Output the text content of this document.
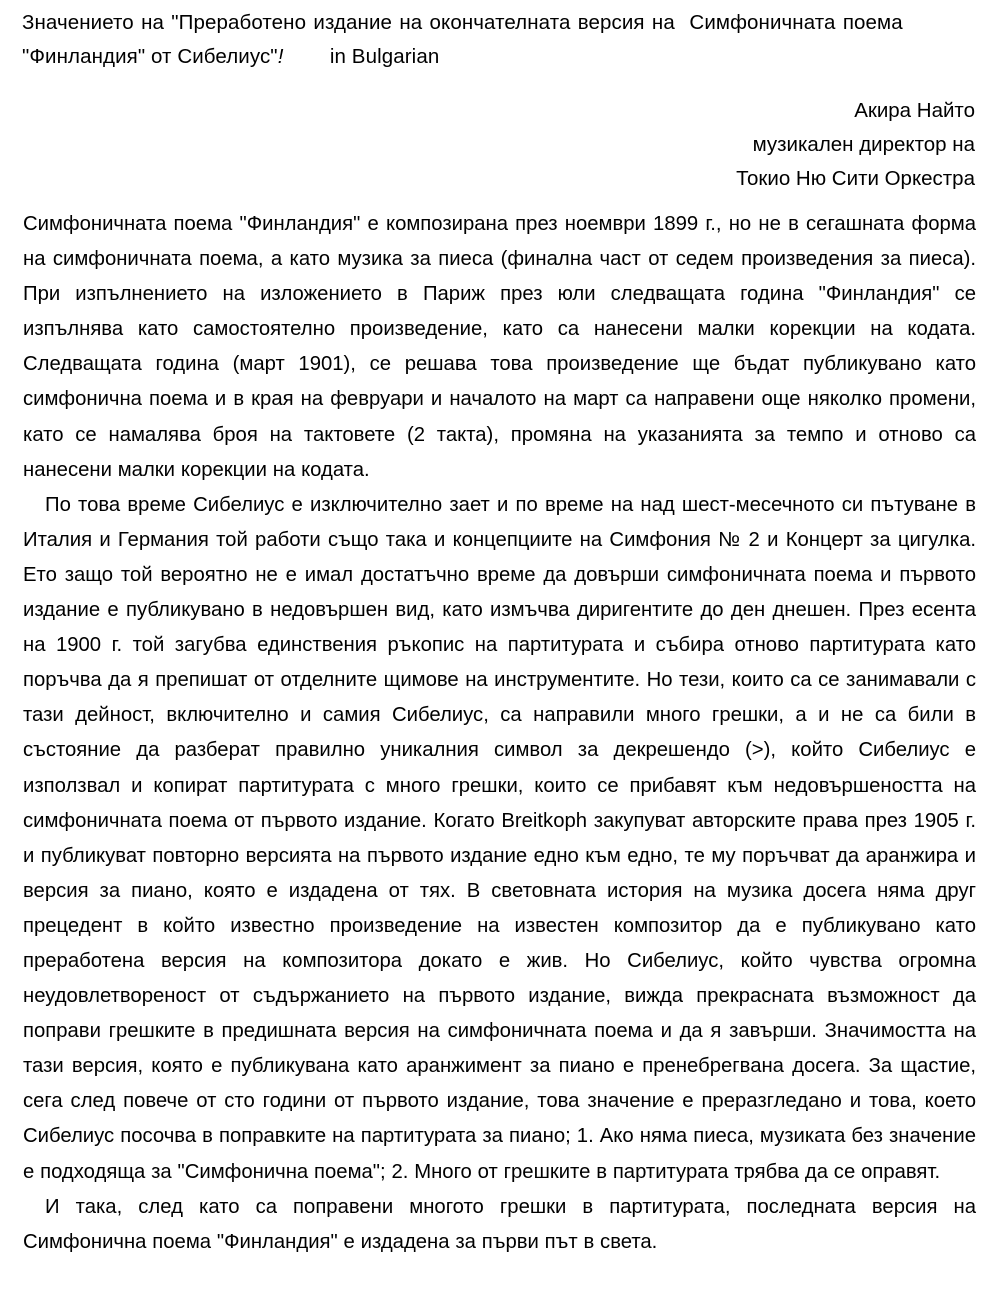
Значението на "Преработено издание на окончателната версия на  Симфоничната поема
"Финландия" от Сибелиус"! in Bulgarian
Акира Найто
музикален директор на
Токио Ню Сити Оркестра

Симфоничната поема "Финландия" е композирана през ноември 1899 г., но не в сегашната форма на симфоничната поема, а като музика за пиеса (финална част от седем произведения за пиеса). При изпълнението на изложението в Париж през юли следващата година "Финландия" се изпълнява като самостоятелно произведение, като са нанесени малки корекции на кодата. Следващата година (март 1901), се решава това произведение ще бъдат публикувано като симфонична поема и в края на февруари и началото на март са направени още няколко промени, като се намалява броя на тактовете (2 такта), промяна на указанията за темпо и отново са нанесени малки корекции на кодата.

По това време Сибелиус е изключително зает и по време на над шест-месечното си пътуване в Италия и Германия той работи също така и концепциите на Симфония № 2 и Концерт за цигулка. Ето защо той вероятно не е имал достатъчно време да довърши симфоничната поема и първото издание е публикувано в недовършен вид, като измъчва диригентите до ден днешен. През есента на 1900 г. той загубва единствения ръкопис на партитурата и събира отново партитурата като поръчва да я препишат от отделните щимове на инструментите. Но тези, които са се занимавали с тази дейност, включително и самия Сибелиус, са направили много грешки, а и не са били в състояние да разберат правилно уникалния символ за декрешендо (>), който Сибелиус е използвал и копират партитурата с много грешки, които се прибавят към недовършеността на симфоничната поема от първото издание. Когато Breitkoph закупуват авторските права през 1905 г. и публикуват повторно версията на първото издание едно към едно, те му поръчват да аранжира и версия за пиано, която е издадена от тях. В световната история на музика досега няма друг прецедент в който известно произведение на известен композитор да е публикувано като преработена версия на композитора докато е жив. Но Сибелиус, който чувства огромна неудовлетвореност от съдържанието на първото издание, вижда прекрасната възможност да поправи грешките в предишната версия на симфоничната поема и да я завърши. Значимостта на тази версия, която е публикувана като аранжимент за пиано е пренебрегвана досега. За щастие, сега след повече от сто години от първото издание, това значение е преразгледано и това, което Сибелиус посочва в поправките на партитурата за пиано; 1. Ако няма пиеса, музиката без значение е подходяща за "Симфонична поема"; 2. Много от грешките в партитурата трябва да се оправят.

И така, след като са поправени многото грешки в партитурата, последната версия на Симфонична поема "Финландия" е издадена за първи път в света.
